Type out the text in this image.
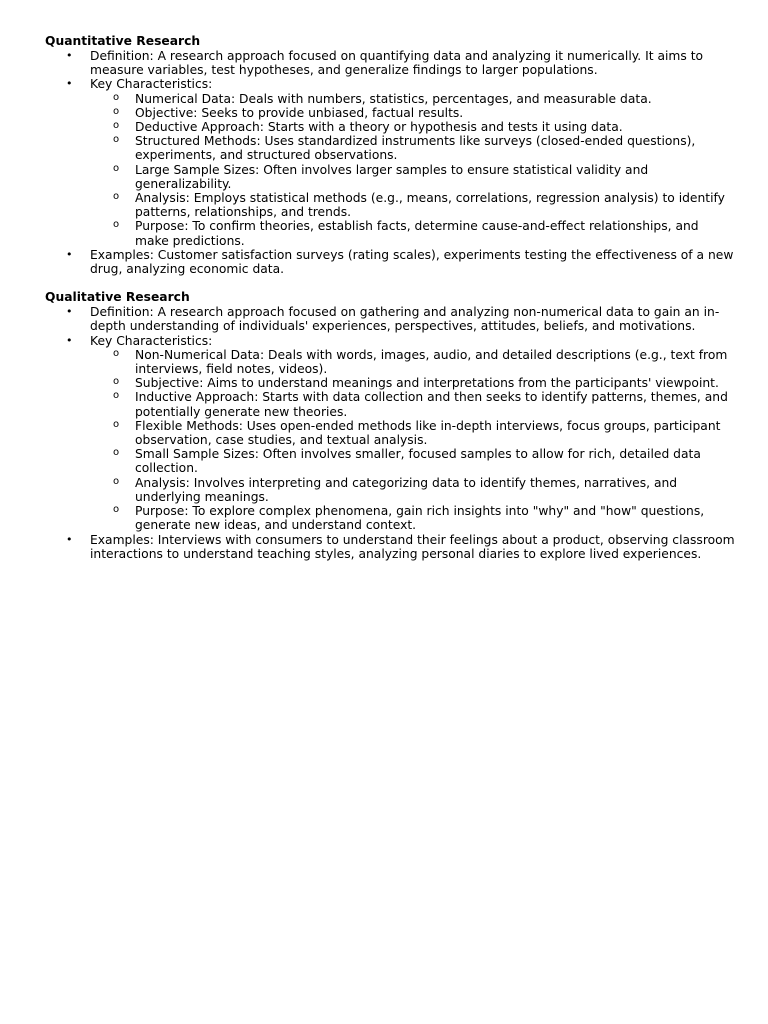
Quantitative Research
• Definition: A research approach focused on quantifying data and analyzing it numerically. It aims to measure variables, test hypotheses, and generalize findings to larger populations.
• Key Characteristics:
o Numerical Data: Deals with numbers, statistics, percentages, and measurable data.
o Objective: Seeks to provide unbiased, factual results.
o Deductive Approach: Starts with a theory or hypothesis and tests it using data.
o Structured Methods: Uses standardized instruments like surveys (closed-ended questions), experiments, and structured observations.
o Large Sample Sizes: Often involves larger samples to ensure statistical validity and generalizability.
o Analysis: Employs statistical methods (e.g., means, correlations, regression analysis) to identify patterns, relationships, and trends.
o Purpose: To confirm theories, establish facts, determine cause-and-effect relationships, and make predictions.
• Examples: Customer satisfaction surveys (rating scales), experiments testing the effectiveness of a new drug, analyzing economic data.
Qualitative Research
• Definition: A research approach focused on gathering and analyzing non-numerical data to gain an in-depth understanding of individuals' experiences, perspectives, attitudes, beliefs, and motivations.
• Key Characteristics:
o Non-Numerical Data: Deals with words, images, audio, and detailed descriptions (e.g., text from interviews, field notes, videos).
o Subjective: Aims to understand meanings and interpretations from the participants' viewpoint.
o Inductive Approach: Starts with data collection and then seeks to identify patterns, themes, and potentially generate new theories.
o Flexible Methods: Uses open-ended methods like in-depth interviews, focus groups, participant observation, case studies, and textual analysis.
o Small Sample Sizes: Often involves smaller, focused samples to allow for rich, detailed data collection.
o Analysis: Involves interpreting and categorizing data to identify themes, narratives, and underlying meanings.
o Purpose: To explore complex phenomena, gain rich insights into "why" and "how" questions, generate new ideas, and understand context.
• Examples: Interviews with consumers to understand their feelings about a product, observing classroom interactions to understand teaching styles, analyzing personal diaries to explore lived experiences.
